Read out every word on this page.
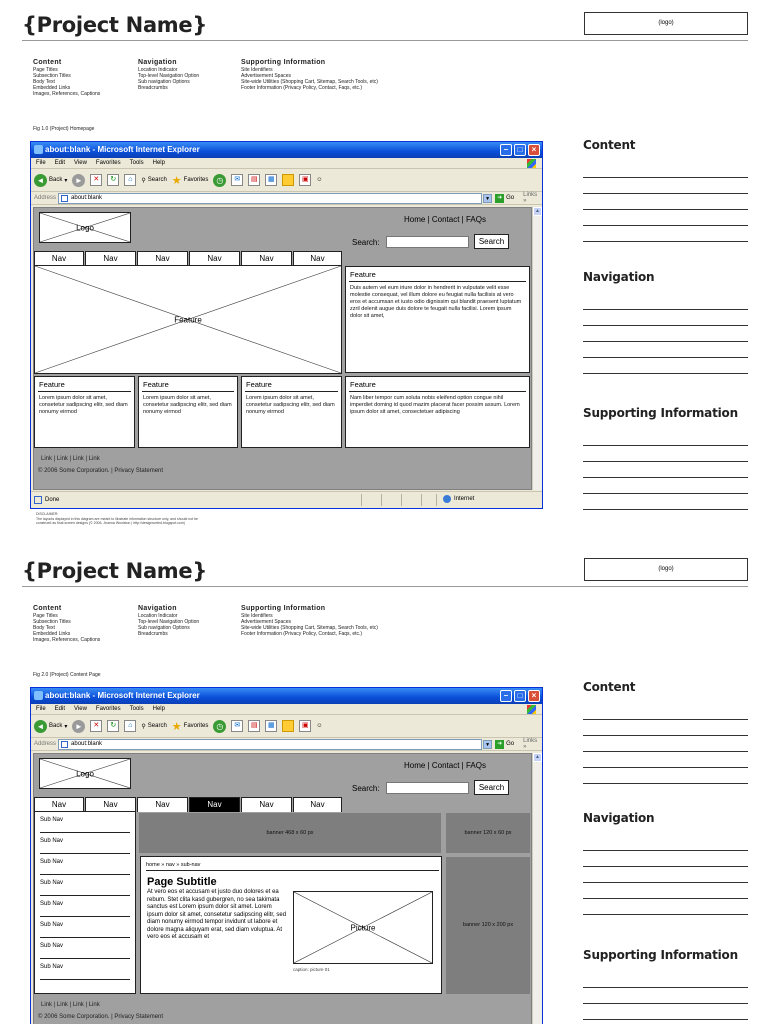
{Project Name}	(logo)
Content
Page Titles
Subsection Titles
Body Text
Embedded Links
Images, References, Captions
Navigation
Location Indicator
Top-level Navigation Option
Sub navigation Options
Breadcrumbs
Supporting Information
Site Identifiers
Advertisement Spaces
Site-wide Utilities (Shopping Cart, Sitemap, Search Tools, etc)
Footer Information (Privacy Policy, Contact, Faqs, etc.)
Fig 1.0 (Project) Homepage
about:blank - Microsoft Internet Explorer	–	□	×
File Edit View Favorites Tools Help
◄ Back ▾ ►	✕	↻	⌂	⚲ Search ★ Favorites	◷	✉	▤	▦	▣	☺
Address	about:blank	▼	➜ Go Links »
Logo
Home | Contact | FAQs
Search:	Search
Nav	Nav	Nav	Nav	Nav	Nav
Feature
Feature
Duis autem vel eum iriure dolor in hendrerit in vulputate velit esse molestie consequat, vel illum dolore eu feugiat nulla facilisis at vero eros et accumsan et iusto odio dignissim qui blandit praesent luptatum zzril delenit augue duis dolore te feugait nulla facilisi. Lorem ipsum dolor sit amet,
Feature
Lorem ipsum dolor sit amet, consetetur sadipscing elitr, sed diam nonumy eirmod
Feature
Lorem ipsum dolor sit amet, consetetur sadipscing elitr, sed diam nonumy eirmod
Feature
Lorem ipsum dolor sit amet, consetetur sadipscing elitr, sed diam nonumy eirmod
Feature
Nam liber tempor cum soluta nobis eleifend option congue nihil imperdiet doming id quod mazim placerat facer possim assum. Lorem ipsum dolor sit amet, consectetuer adipiscing
Link | Link | Link | Link
© 2006 Some Corporation. | Privacy Statement
▲
Done	Internet
DISCLAIMER:
The layouts displayed in this diagram are meant to illustrate information structure only, and should not be
construed as final screen designs (© 2006, Jeanna Woolston | http://designsorted.blogspot.com)
Content
Navigation
Supporting Information
{Project Name}	(logo)
Content
Page Titles
Subsection Titles
Body Text
Embedded Links
Images, References, Captions
Navigation
Location Indicator
Top-level Navigation Option
Sub navigation Options
Breadcrumbs
Supporting Information
Site Identifiers
Advertisement Spaces
Site-wide Utilities (Shopping Cart, Sitemap, Search Tools, etc)
Footer Information (Privacy Policy, Contact, Faqs, etc.)
Fig 2.0 (Project) Content Page
about:blank - Microsoft Internet Explorer	–	□	×
File Edit View Favorites Tools Help
◄ Back ▾ ►	✕	↻	⌂	⚲ Search ★ Favorites	◷	✉	▤	▦	▣	☺
Address	about:blank	▼	➜ Go Links »
Logo
Home | Contact | FAQs
Search:	Search
Nav	Nav	Nav	Nav	Nav	Nav
Sub Nav
Sub Nav
Sub Nav
Sub Nav
Sub Nav
Sub Nav
Sub Nav
Sub Nav
banner 468 x 60 px	banner 120 x 60 px
banner 120 x 200 px
home » nav » sub-nav
Page Subtitle
At vero eos et accusam et justo duo dolores et ea rebum. Stet clita kasd gubergren, no sea takimata sanctus est Lorem ipsum dolor sit amet. Lorem ipsum dolor sit amet, consetetur sadipscing elitr, sed diam nonumy eirmod tempor invidunt ut labore et dolore magna aliquyam erat, sed diam voluptua. At vero eos et accusam et
Picture
caption: picture 01
Link | Link | Link | Link
© 2006 Some Corporation. | Privacy Statement
▲
Content
Navigation
Supporting Information
